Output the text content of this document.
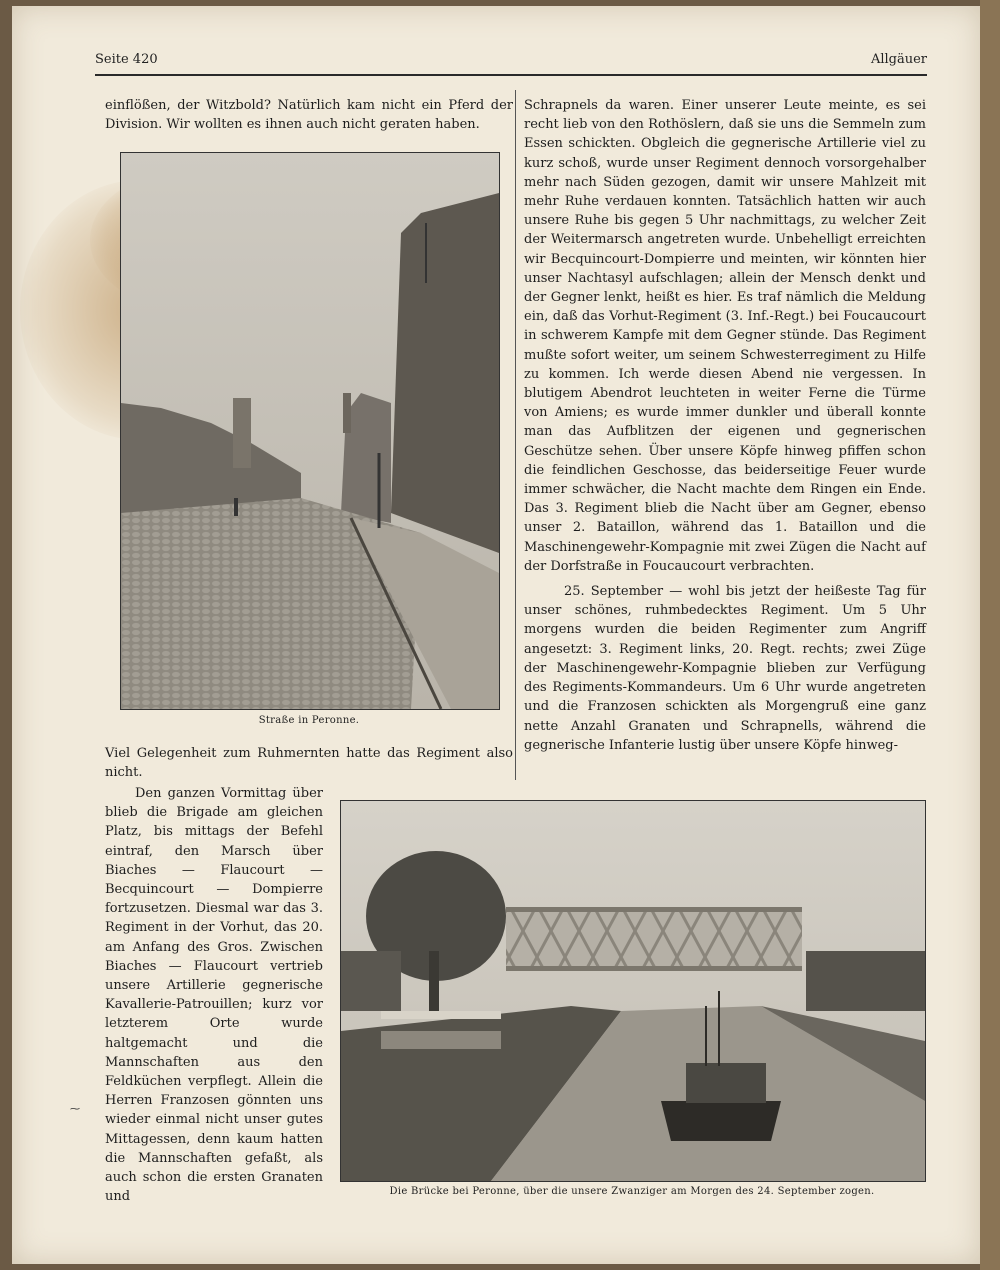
Seite 420	Allgäuer

einflößen, der Witzbold? Natürlich kam nicht ein Pferd der Division. Wir wollten es ihnen auch nicht geraten haben.

Straße in Peronne.

Schrapnels da waren. Einer unserer Leute meinte, es sei recht lieb von den Rothöslern, daß sie uns die Semmeln zum Essen schickten. Obgleich die gegnerische Artillerie viel zu kurz schoß, wurde unser Regiment dennoch vorsorgehalber mehr nach Süden gezogen, damit wir unsere Mahlzeit mit mehr Ruhe verdauen konnten. Tatsächlich hatten wir auch unsere Ruhe bis gegen 5 Uhr nachmittags, zu welcher Zeit der Weitermarsch angetreten wurde. Unbehelligt erreichten wir Becquincourt-Dompierre und meinten, wir könnten hier unser Nachtasyl aufschlagen; allein der Mensch denkt und der Gegner lenkt, heißt es hier. Es traf nämlich die Meldung ein, daß das Vorhut-Regiment (3. Inf.-Regt.) bei Foucaucourt in schwerem Kampfe mit dem Gegner stünde. Das Regiment mußte sofort weiter, um seinem Schwesterregiment zu Hilfe zu kommen. Ich werde diesen Abend nie vergessen. In blutigem Abendrot leuchteten in weiter Ferne die Türme von Amiens; es wurde immer dunkler und überall konnte man das Aufblitzen der eigenen und gegnerischen Geschütze sehen. Über unsere Köpfe hinweg pfiffen schon die feindlichen Geschosse, das beiderseitige Feuer wurde immer schwächer, die Nacht machte dem Ringen ein Ende. Das 3. Regiment blieb die Nacht über am Gegner, ebenso unser 2. Bataillon, während das 1. Bataillon und die Maschinengewehr-Kompagnie mit zwei Zügen die Nacht auf der Dorfstraße in Foucaucourt verbrachten.

25. September — wohl bis jetzt der heißeste Tag für unser schönes, ruhmbedecktes Regiment. Um 5 Uhr morgens wurden die beiden Regimenter zum Angriff angesetzt: 3. Regiment links, 20. Regt. rechts; zwei Züge der Maschinengewehr-Kompagnie blieben zur Verfügung des Regiments-Kommandeurs. Um 6 Uhr wurde angetreten und die Franzosen schickten als Morgengruß eine ganz nette Anzahl Granaten und Schrapnells, während die gegnerische Infanterie lustig über unsere Köpfe hinweg-

Viel Gelegenheit zum Ruhmernten hatte das Regiment also nicht.

Den ganzen Vormittag über blieb die Brigade am gleichen Platz, bis mittags der Befehl eintraf, den Marsch über Biaches — Flaucourt — Becquincourt — Dompierre fortzusetzen. Diesmal war das 3. Regiment in der Vorhut, das 20. am Anfang des Gros. Zwischen Biaches — Flaucourt vertrieb unsere Artillerie gegnerische Kavallerie-Patrouillen; kurz vor letzterem Orte wurde haltgemacht und die Mannschaften aus den Feldküchen verpflegt. Allein die Herren Franzosen gönnten uns wieder einmal nicht unser gutes Mittagessen, denn kaum hatten die Mannschaften gefaßt, als auch schon die ersten Granaten und	Die Brücke bei Peronne, über die unsere Zwanziger am Morgen des 24. September zogen.
⁓
